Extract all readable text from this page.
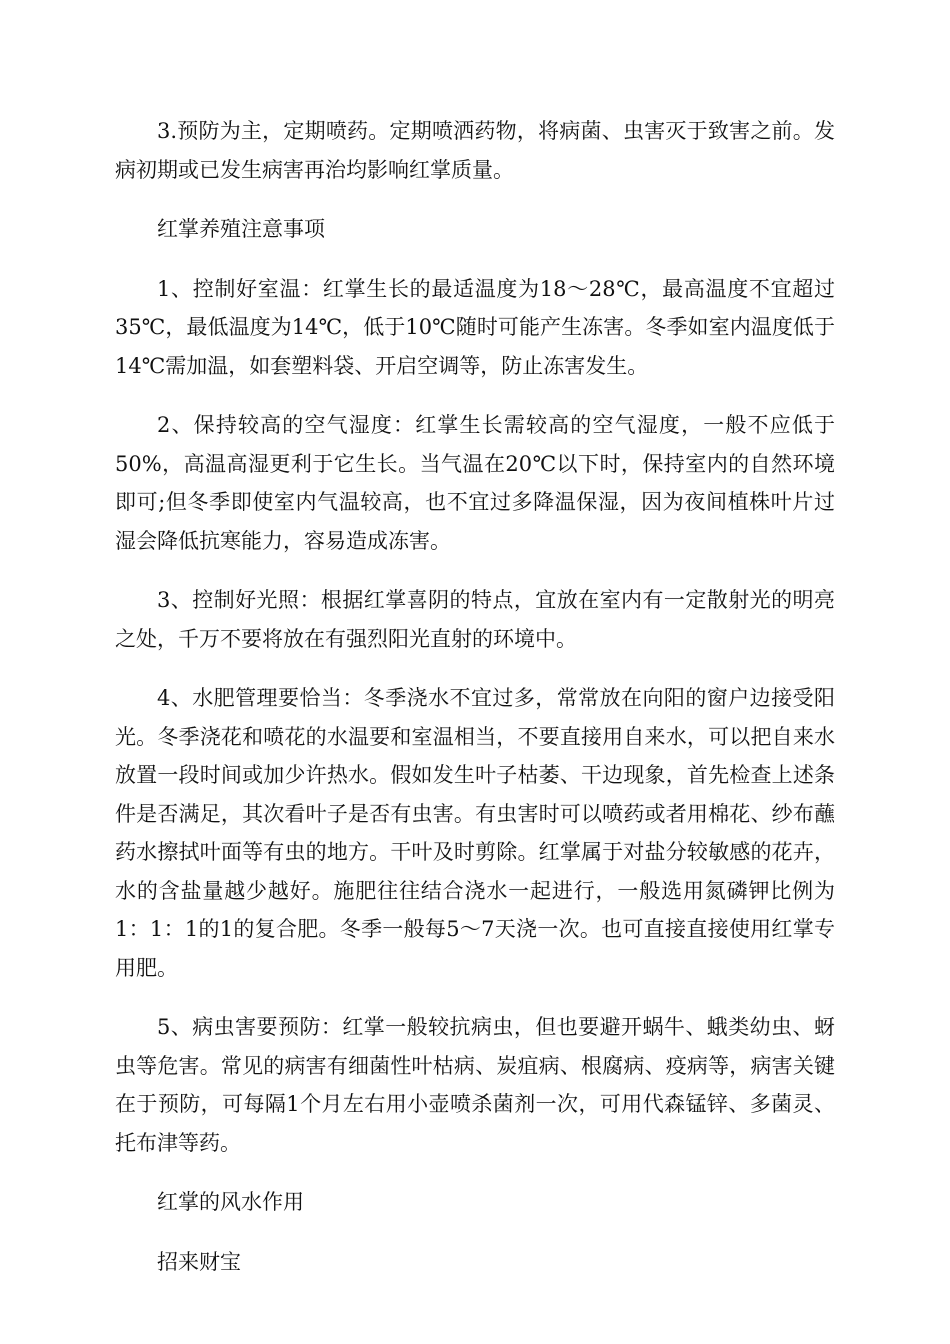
3.预防为主，定期喷药。定期喷洒药物，将病菌、虫害灭于致害之前。发病初期或已发生病害再治均影响红掌质量。

红掌养殖注意事项

1、控制好室温：红掌生长的最适温度为18～28℃，最高温度不宜超过35℃，最低温度为14℃，低于10℃随时可能产生冻害。冬季如室内温度低于14℃需加温，如套塑料袋、开启空调等，防止冻害发生。

2、保持较高的空气湿度：红掌生长需较高的空气湿度，一般不应低于50%，高温高湿更利于它生长。当气温在20℃以下时，保持室内的自然环境即可;但冬季即使室内气温较高，也不宜过多降温保湿，因为夜间植株叶片过湿会降低抗寒能力，容易造成冻害。

3、控制好光照：根据红掌喜阴的特点，宜放在室内有一定散射光的明亮之处，千万不要将放在有强烈阳光直射的环境中。

4、水肥管理要恰当：冬季浇水不宜过多，常常放在向阳的窗户边接受阳光。冬季浇花和喷花的水温要和室温相当，不要直接用自来水，可以把自来水放置一段时间或加少许热水。假如发生叶子枯萎、干边现象，首先检查上述条件是否满足，其次看叶子是否有虫害。有虫害时可以喷药或者用棉花、纱布蘸药水擦拭叶面等有虫的地方。干叶及时剪除。红掌属于对盐分较敏感的花卉，水的含盐量越少越好。施肥往往结合浇水一起进行，一般选用氮磷钾比例为1：1：1的1的复合肥。冬季一般每5～7天浇一次。也可直接直接使用红掌专用肥。

5、病虫害要预防：红掌一般较抗病虫，但也要避开蜗牛、蛾类幼虫、蚜虫等危害。常见的病害有细菌性叶枯病、炭疽病、根腐病、疫病等，病害关键在于预防，可每隔1个月左右用小壶喷杀菌剂一次，可用代森锰锌、多菌灵、托布津等药。

红掌的风水作用

招来财宝
